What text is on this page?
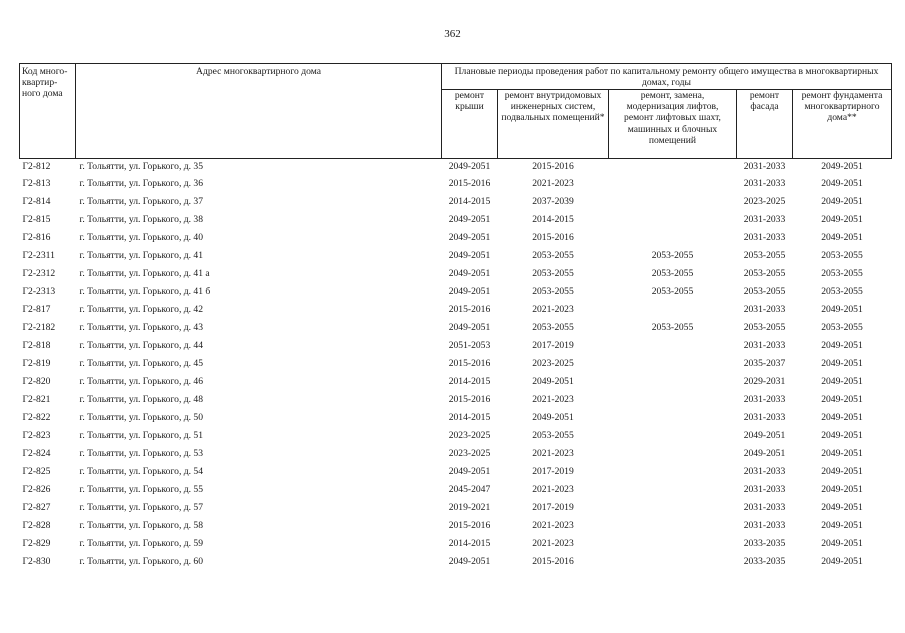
362
Код много-квартир-ного дома	Адрес многоквартирного дома	Плановые периоды проведения работ по капитальному ремонту общего имущества в многоквартирных домах, годы				
		ремонт крыши	ремонт внутридомовых инженерных систем, подвальных помещений*	ремонт, замена, модернизация лифтов, ремонт лифтовых шахт, машинных и блочных помещений	ремонт фасада	ремонт фундамента многоквартирного дома**
Г2-812	г. Тольятти, ул. Горького, д. 35	2049-2051	2015-2016		2031-2033	2049-2051
Г2-813	г. Тольятти, ул. Горького, д. 36	2015-2016	2021-2023		2031-2033	2049-2051
Г2-814	г. Тольятти, ул. Горького, д. 37	2014-2015	2037-2039		2023-2025	2049-2051
Г2-815	г. Тольятти, ул. Горького, д. 38	2049-2051	2014-2015		2031-2033	2049-2051
Г2-816	г. Тольятти, ул. Горького, д. 40	2049-2051	2015-2016		2031-2033	2049-2051
Г2-2311	г. Тольятти, ул. Горького, д. 41	2049-2051	2053-2055	2053-2055	2053-2055	2053-2055
Г2-2312	г. Тольятти, ул. Горького, д. 41 а	2049-2051	2053-2055	2053-2055	2053-2055	2053-2055
Г2-2313	г. Тольятти, ул. Горького, д. 41 б	2049-2051	2053-2055	2053-2055	2053-2055	2053-2055
Г2-817	г. Тольятти, ул. Горького, д. 42	2015-2016	2021-2023		2031-2033	2049-2051
Г2-2182	г. Тольятти, ул. Горького, д. 43	2049-2051	2053-2055	2053-2055	2053-2055	2053-2055
Г2-818	г. Тольятти, ул. Горького, д. 44	2051-2053	2017-2019		2031-2033	2049-2051
Г2-819	г. Тольятти, ул. Горького, д. 45	2015-2016	2023-2025		2035-2037	2049-2051
Г2-820	г. Тольятти, ул. Горького, д. 46	2014-2015	2049-2051		2029-2031	2049-2051
Г2-821	г. Тольятти, ул. Горького, д. 48	2015-2016	2021-2023		2031-2033	2049-2051
Г2-822	г. Тольятти, ул. Горького, д. 50	2014-2015	2049-2051		2031-2033	2049-2051
Г2-823	г. Тольятти, ул. Горького, д. 51	2023-2025	2053-2055		2049-2051	2049-2051
Г2-824	г. Тольятти, ул. Горького, д. 53	2023-2025	2021-2023		2049-2051	2049-2051
Г2-825	г. Тольятти, ул. Горького, д. 54	2049-2051	2017-2019		2031-2033	2049-2051
Г2-826	г. Тольятти, ул. Горького, д. 55	2045-2047	2021-2023		2031-2033	2049-2051
Г2-827	г. Тольятти, ул. Горького, д. 57	2019-2021	2017-2019		2031-2033	2049-2051
Г2-828	г. Тольятти, ул. Горького, д. 58	2015-2016	2021-2023		2031-2033	2049-2051
Г2-829	г. Тольятти, ул. Горького, д. 59	2014-2015	2021-2023		2033-2035	2049-2051
Г2-830	г. Тольятти, ул. Горького, д. 60	2049-2051	2015-2016		2033-2035	2049-2051
